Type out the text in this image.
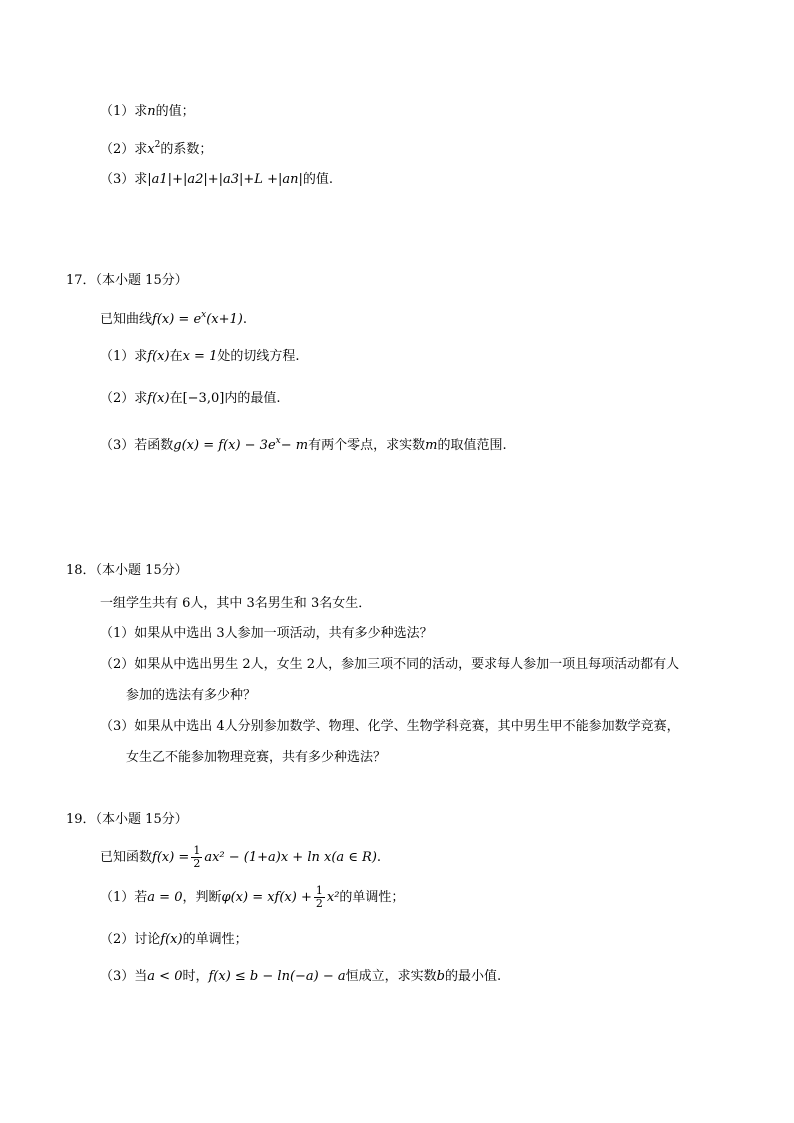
（1）求n的值；
（2）求$x^2$的系数；
（3）求|a1|+|a2|+|a3|+L +|an|的值.
17．（本小题 15分）
已知曲线$f(x) = e^x(x+1)$.
（1）求f(x)在x = 1处的切线方程.
（2）求f(x)在[−3,0]内的最值.
（3）若函数$g(x) = f(x) - 3e^x- m$有两个零点，求实数m的取值范围.
18．（本小题 15分）
一组学生共有 6人，其中 3名男生和 3名女生．
（1）如果从中选出 3人参加一项活动，共有多少种选法？
（2）如果从中选出男生 2人，女生 2人，参加三项不同的活动，要求每人参加一项且每项活动都有人
参加的选法有多少种？
（3）如果从中选出 4人分别参加数学、物理、化学、生物学科竞赛，其中男生甲不能参加数学竞赛，
女生乙不能参加物理竞赛，共有多少种选法？
19．（本小题 15分）
已知函数$f(x) = \frac{1}{2} ax^2 - (1+a)x + \ln x(a$ ∈ R).
（1）若a = 0，判断$\varphi(x) = xf(x) + \frac{1}{2} x^2$的单调性；
（2）讨论f(x)的单调性；
（3）当a < 0时，f(x) ≤ b − ln(−a) − a恒成立，求实数b的最小值.
